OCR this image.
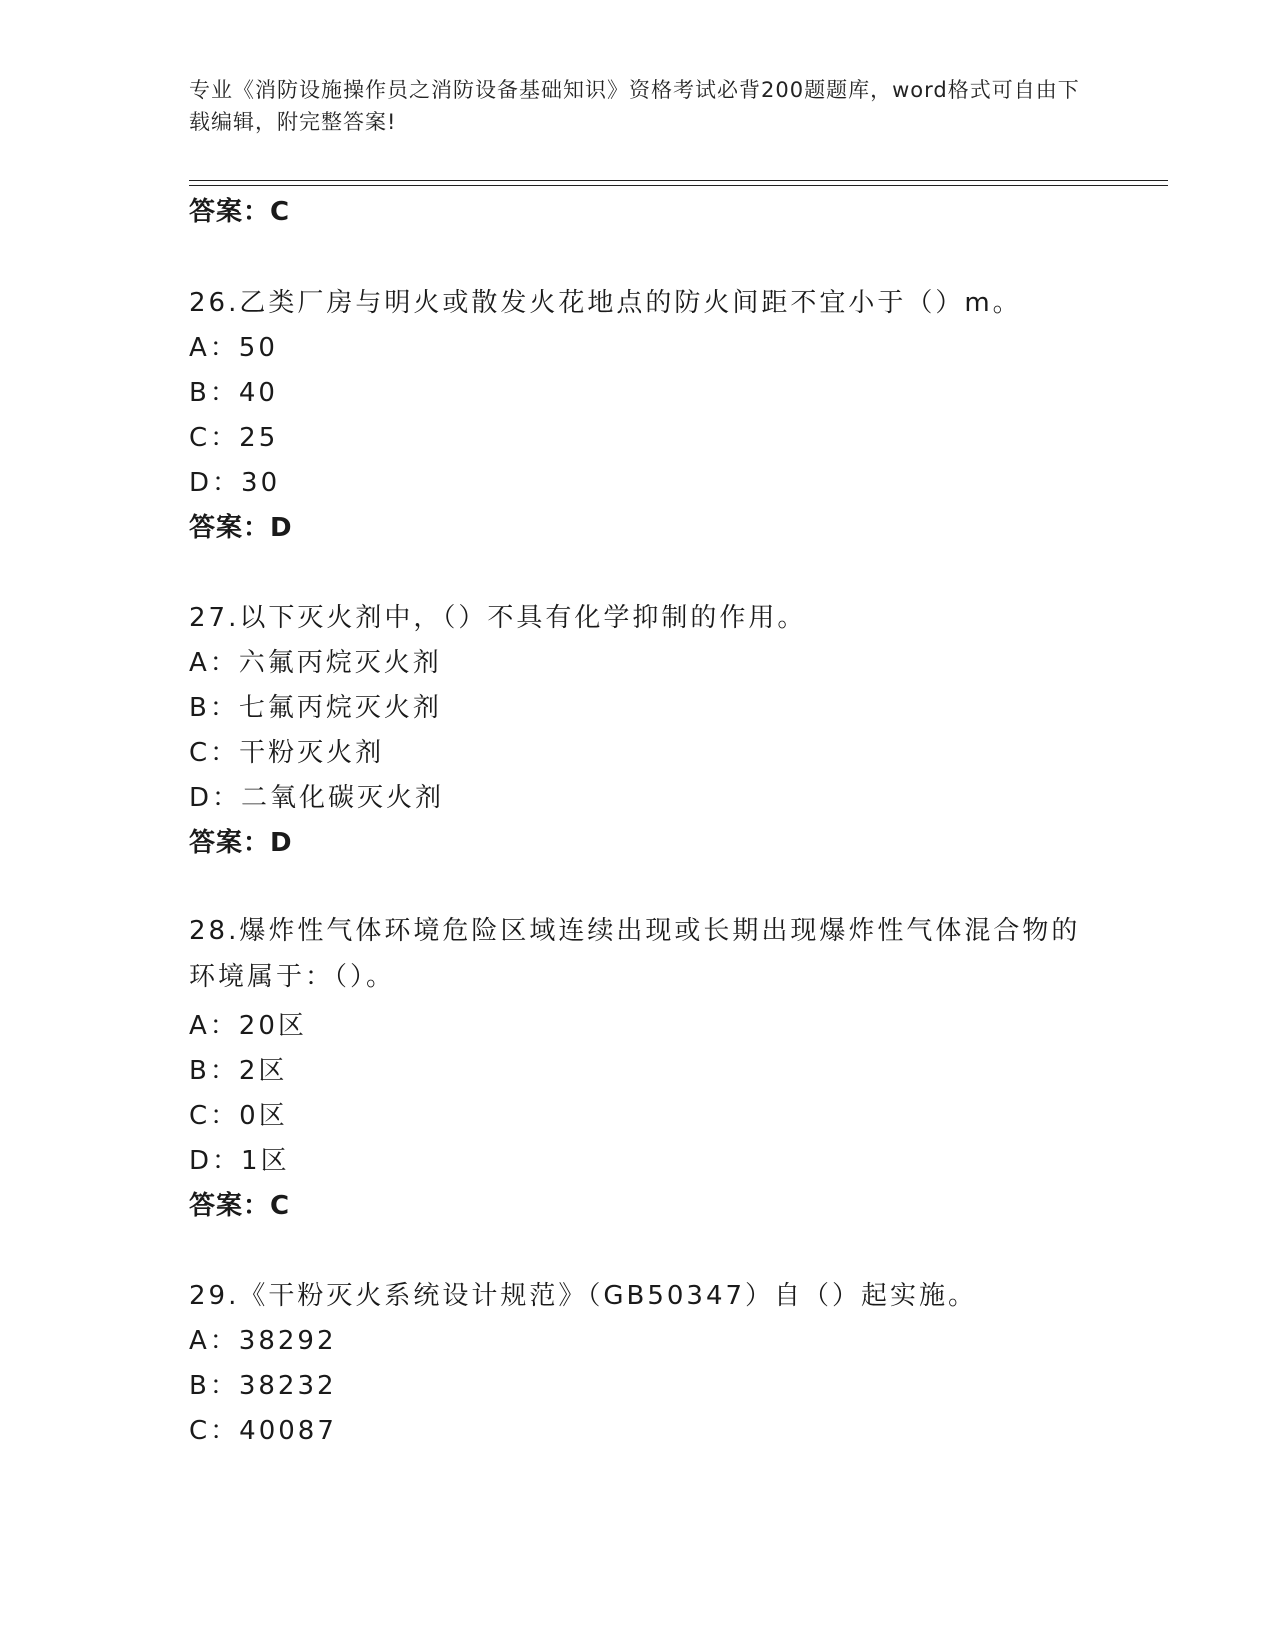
专业《消防设施操作员之消防设备基础知识》资格考试必背200题题库，word格式可自由下载编辑，附完整答案!
答案：C
26.乙类厂房与明火或散发火花地点的防火间距不宜小于（）m。
A：50
B：40
C：25
D：30
答案：D
27.以下灭火剂中，（）不具有化学抑制的作用。
A：六氟丙烷灭火剂
B：七氟丙烷灭火剂
C：干粉灭火剂
D：二氧化碳灭火剂
答案：D
28.爆炸性气体环境危险区域连续出现或长期出现爆炸性气体混合物的环境属于：（）。
A：20区
B：2区
C：0区
D：1区
答案：C
29.《干粉灭火系统设计规范》（GB50347）自（）起实施。
A：38292
B：38232
C：40087
